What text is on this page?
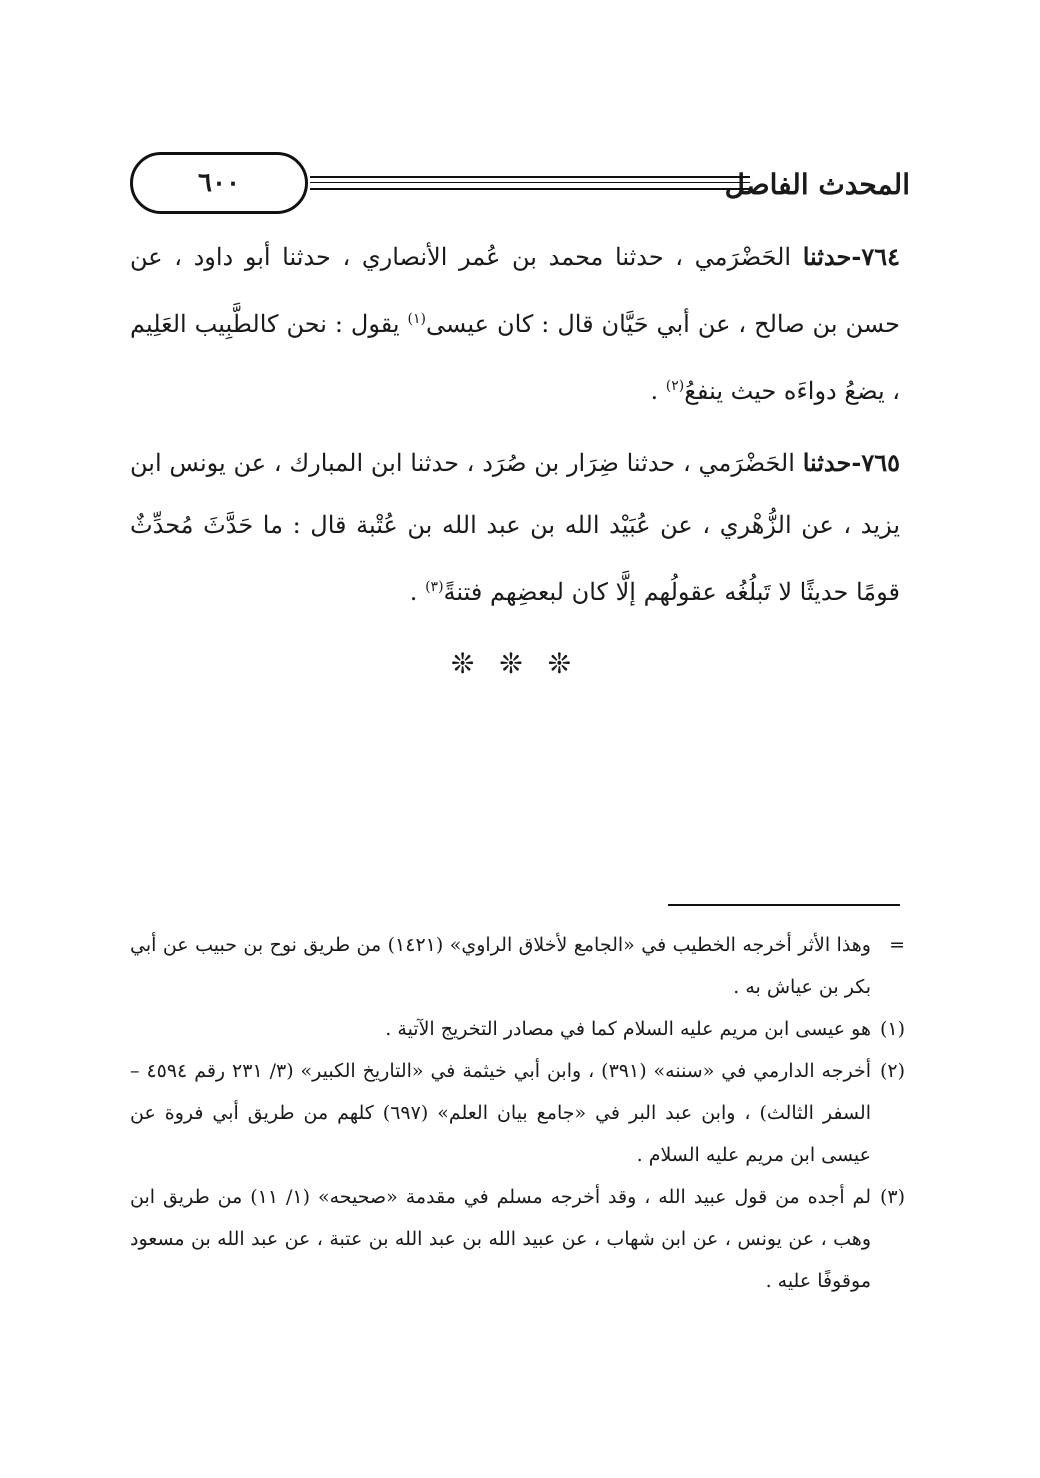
المحدث الفاصل
٦٠٠

٧٦٤-حدثنا الحَضْرَمي ، حدثنا محمد بن عُمر الأنصاري ، حدثنا أبو داود ، عن حسن بن صالح ، عن أبي حَيَّان قال : كان عيسى$^{(١)}$ يقول : نحن كالطَّبِيب العَلِيم ، يضعُ دواءَه حيث ينفعُ$^{(٢)}$ .

٧٦٥-حدثنا الحَضْرَمي ، حدثنا ضِرَار بن صُرَد ، حدثنا ابن المبارك ، عن يونس ابن يزيد ، عن الزُّهْري ، عن عُبَيْد الله بن عبد الله بن عُتْبة قال : ما حَدَّثَ مُحدِّثٌ قومًا حديثًا لا تَبلُغُه عقولُهم إلَّا كان لبعضِهم فتنةً$^{(٣)}$ .

❊ ❊ ❊
=
وهذا الأثر أخرجه الخطيب في «الجامع لأخلاق الراوي» (١٤٢١) من طريق نوح بن حبيب عن أبي بكر بن عياش به .
(١)
هو عيسى ابن مريم عليه السلام كما في مصادر التخريج الآتية .
(٢)
أخرجه الدارمي في «سننه» (٣٩١) ، وابن أبي خيثمة في «التاريخ الكبير» (٣/ ٢٣١ رقم ٤٥٩٤ – السفر الثالث) ، وابن عبد البر في «جامع بيان العلم» (٦٩٧) كلهم من طريق أبي فروة عن عيسى ابن مريم عليه السلام .
(٣)
لم أجده من قول عبيد الله ، وقد أخرجه مسلم في مقدمة «صحيحه» (١/ ١١) من طريق ابن وهب ، عن يونس ، عن ابن شهاب ، عن عبيد الله بن عبد الله بن عتبة ، عن عبد الله بن مسعود موقوفًا عليه .
